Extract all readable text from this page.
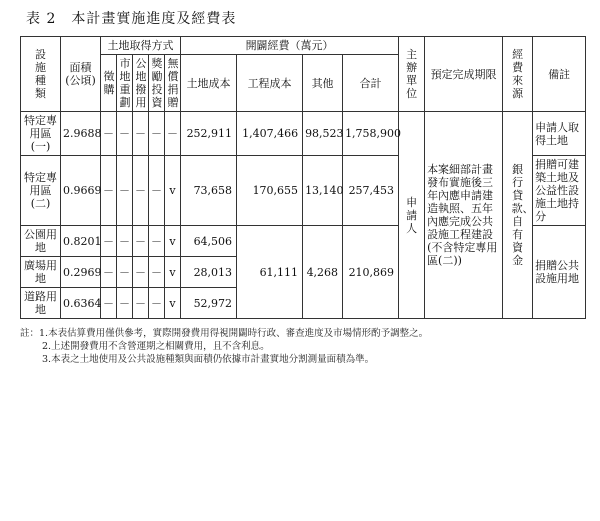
表 2　本計畫實施進度及經費表
設施種類	面積(公頃)	土地取得方式					開闢經費（萬元）				主辦單位	預定完成期限	經費來源	備註
		徵購	市地重劃	公地撥用	獎勵投資	無償捐贈	土地成本	工程成本	其他	合計				
特定專用區(一)	2.9688	－	－	－	－	－	252,911	1,407,466	98,523	1,758,900	申請人	本案細部計畫發布實施後三年內應申請建造執照、五年內應完成公共設施工程建設(不含特定專用區(二))	銀行貸款、自有資金	申請人取得土地
特定專用區(二)	0.9669	－	－	－	－	v	73,658	170,655	13,140	257,453				捐贈可建築土地及公益性設施土地持分
公園用地	0.8201	－	－	－	－	v	64,506	61,111	4,268	210,869				捐贈公共設施用地
廣場用地	0.2969	－	－	－	－	v	28,013							
道路用地	0.6364	－	－	－	－	v	52,972							
註：1.本表估算費用僅供參考，實際開發費用得視開闢時行政、審查進度及市場情形酌予調整之。
2.上述開發費用不含營運期之相關費用，且不含利息。
3.本表之土地使用及公共設施種類與面積仍依據市計畫實地分割測量面積為準。
